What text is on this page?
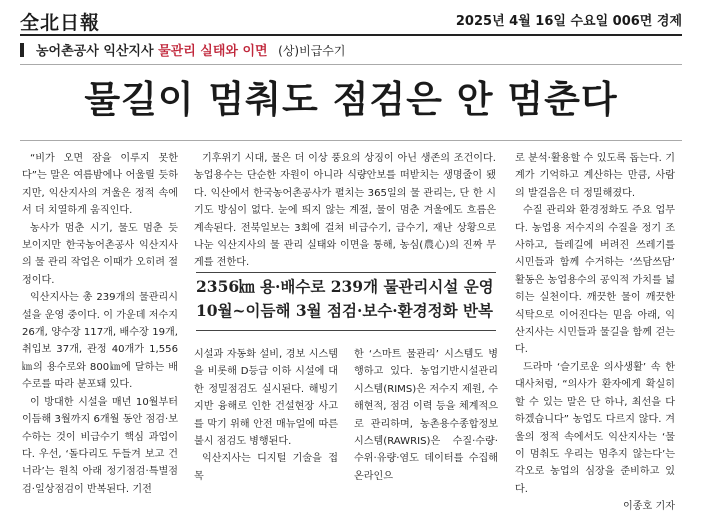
全北日報	2025년 4월 16일 수요일 006면 경제
농어촌공사 익산지사 물관리 실태와 이면 (상)비급수기
물길이 멈춰도 점검은 안 멈춘다

“비가 오면 잠을 이루지 못한다”는 말은 여름밤에나 어울릴 듯하지만, 익산지사의 겨울은 정적 속에서 더 치열하게 움직인다.

농사가 멈춘 시기, 물도 멈춘 듯 보이지만 한국농어촌공사 익산지사의 물 관리 작업은 이때가 오히려 절정이다.

익산지사는 총 239개의 물관리시설을 운영 중이다. 이 가운데 저수지 26개, 양수장 117개, 배수장 19개, 취입보 37개, 관정 40개가 1,556㎞의 용수로와 800㎞에 달하는 배수로를 따라 분포돼 있다.

이 방대한 시설을 매년 10월부터 이듬해 3월까지 6개월 동안 점검·보수하는 것이 비급수기 핵심 과업이다. 우선, ‘돌다리도 두들겨 보고 건너라’는 원칙 아래 정기점검·특별점검·일상점검이 반복된다. 기전

기후위기 시대, 물은 더 이상 풍요의 상징이 아닌 생존의 조건이다. 농업용수는 단순한 자원이 아니라 식량안보를 떠받치는 생명줄이 됐다. 익산에서 한국농어촌공사가 펼치는 365일의 물 관리는, 단 한 시기도 방심이 없다. 눈에 띄지 않는 계절, 물이 멈춘 겨울에도 흐름은 계속된다. 전북일보는 3회에 걸쳐 비급수기, 급수기, 재난 상황으로 나눈 익산지사의 물 관리 실태와 이면을 통해, 농심(農心)의 진짜 무게를 전한다.

2356㎞ 용·배수로 239개 물관리시설 운영
10월~이듬해 3월 점검·보수·환경정화 반복

시설과 자동화 설비, 경보 시스템을 비롯해 D등급 이하 시설에 대한 정밀점검도 실시된다. 해빙기 지반 융해로 인한 건설현장 사고를 막기 위해 안전 매뉴얼에 따른 불시 점검도 병행된다.

익산지사는 디지털 기술을 접목

한 ‘스마트 물관리’ 시스템도 병행하고 있다. 농업기반시설관리시스템(RIMS)은 저수지 제원, 수해현적, 점검 이력 등을 체계적으로 관리하며, 농촌용수종합정보시스템(RAWRIS)은 수질·수량·수위·유량·염도 데이터를 수집해 온라인으

로 분석·활용할 수 있도록 돕는다. 기계가 기억하고 계산하는 만큼, 사람의 발걸음은 더 정밀해졌다.

수질 관리와 환경정화도 주요 업무다. 농업용 저수지의 수질을 정기 조사하고, 들레길에 버려진 쓰레기를 시민들과 함께 수거하는 ‘쓰담쓰담’ 활동은 농업용수의 공익적 가치를 넓히는 실천이다. 깨끗한 물이 깨끗한 식탁으로 이어진다는 믿음 아래, 익산지사는 시민들과 물길을 함께 걷는다.

드라마 ‘슬기로운 의사생활’ 속 한 대사처럼, “의사가 환자에게 확실히 할 수 있는 말은 단 하나, 최선을 다하겠습니다” 농업도 다르지 않다. 겨울의 정적 속에서도 익산지사는 ‘물이 멈춰도 우리는 멈추지 않는다’는 각오로 농업의 심장을 준비하고 있다.

이종호 기자
